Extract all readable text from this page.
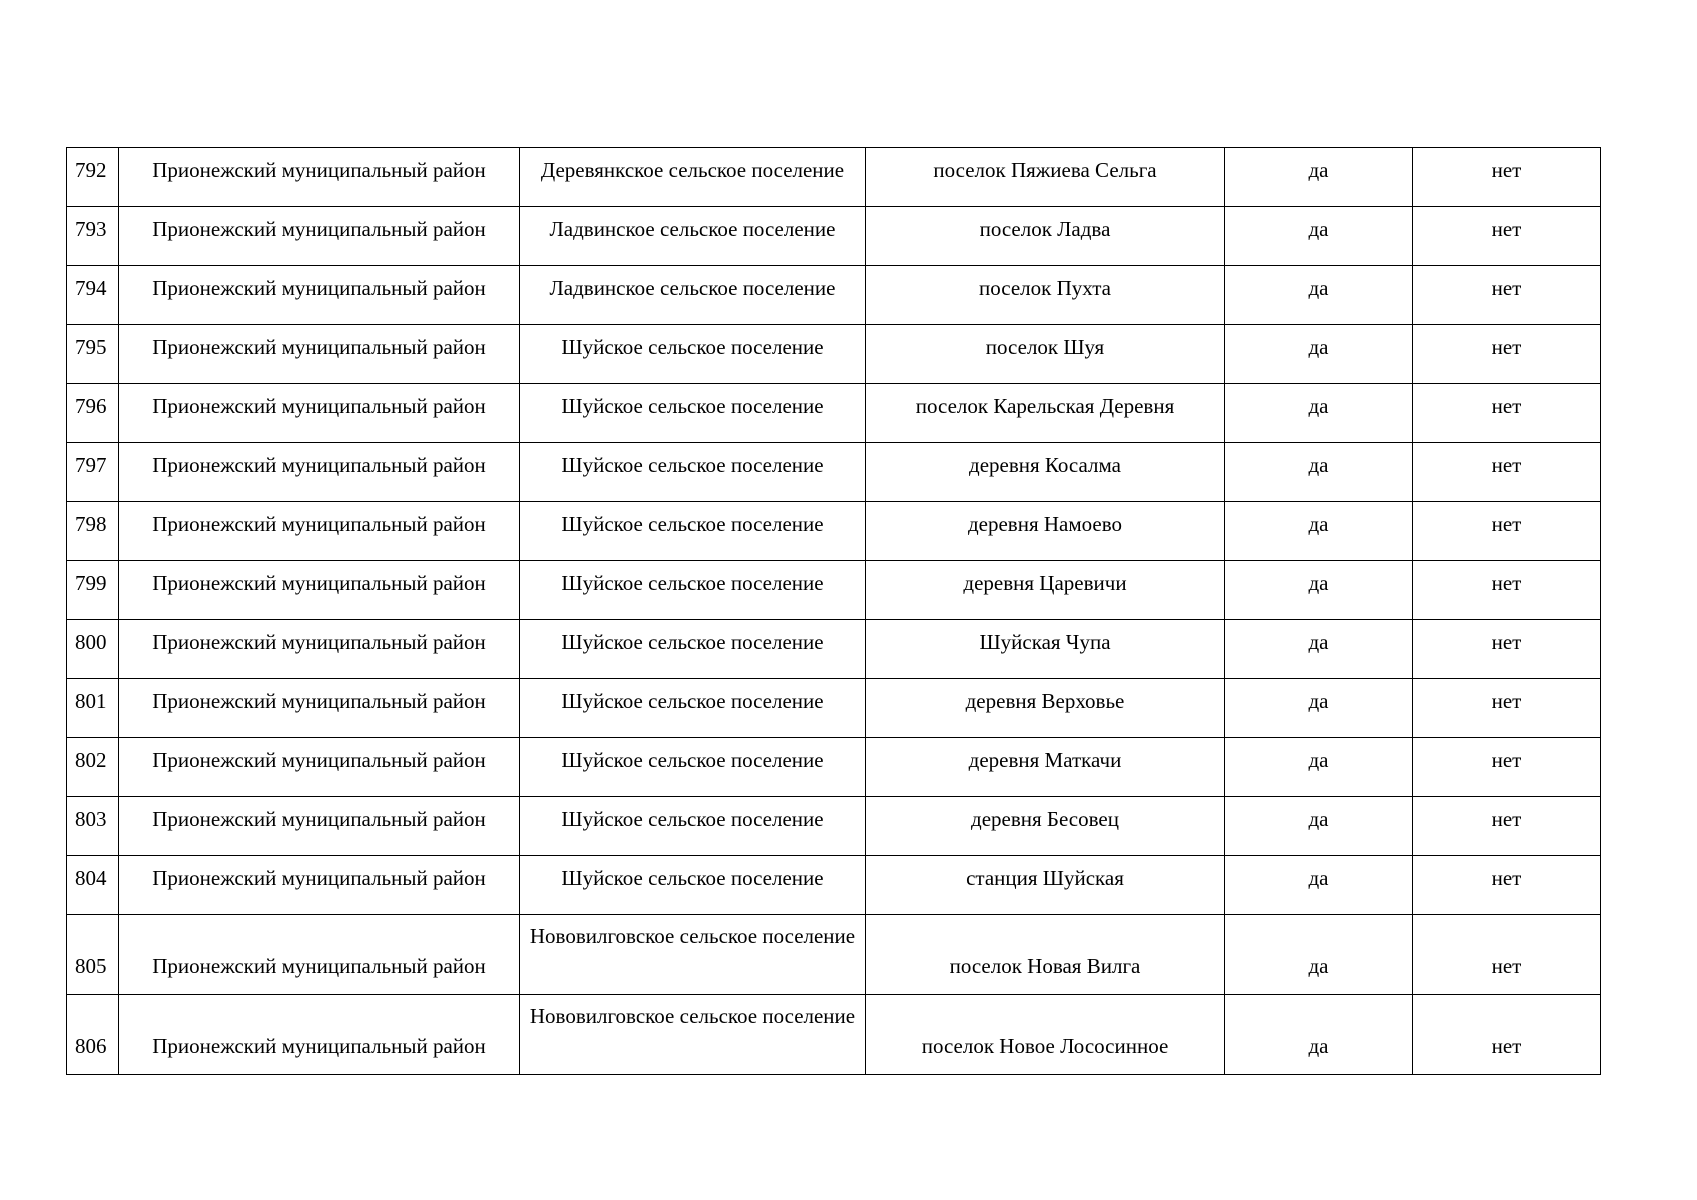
792	Прионежский муниципальный район	Деревянкское сельское поселение	поселок Пяжиева Сельга	да	нет
793	Прионежский муниципальный район	Ладвинское сельское поселение	поселок Ладва	да	нет
794	Прионежский муниципальный район	Ладвинское сельское поселение	поселок Пухта	да	нет
795	Прионежский муниципальный район	Шуйское сельское поселение	поселок Шуя	да	нет
796	Прионежский муниципальный район	Шуйское сельское поселение	поселок Карельская Деревня	да	нет
797	Прионежский муниципальный район	Шуйское сельское поселение	деревня Косалма	да	нет
798	Прионежский муниципальный район	Шуйское сельское поселение	деревня Намоево	да	нет
799	Прионежский муниципальный район	Шуйское сельское поселение	деревня Царевичи	да	нет
800	Прионежский муниципальный район	Шуйское сельское поселение	Шуйская Чупа	да	нет
801	Прионежский муниципальный район	Шуйское сельское поселение	деревня Верховье	да	нет
802	Прионежский муниципальный район	Шуйское сельское поселение	деревня Маткачи	да	нет
803	Прионежский муниципальный район	Шуйское сельское поселение	деревня Бесовец	да	нет
804	Прионежский муниципальный район	Шуйское сельское поселение	станция Шуйская	да	нет
805	Прионежский муниципальный район	Нововилговское сельское поселение	поселок Новая Вилга	да	нет
806	Прионежский муниципальный район	Нововилговское сельское поселение	поселок Новое Лососинное	да	нет
